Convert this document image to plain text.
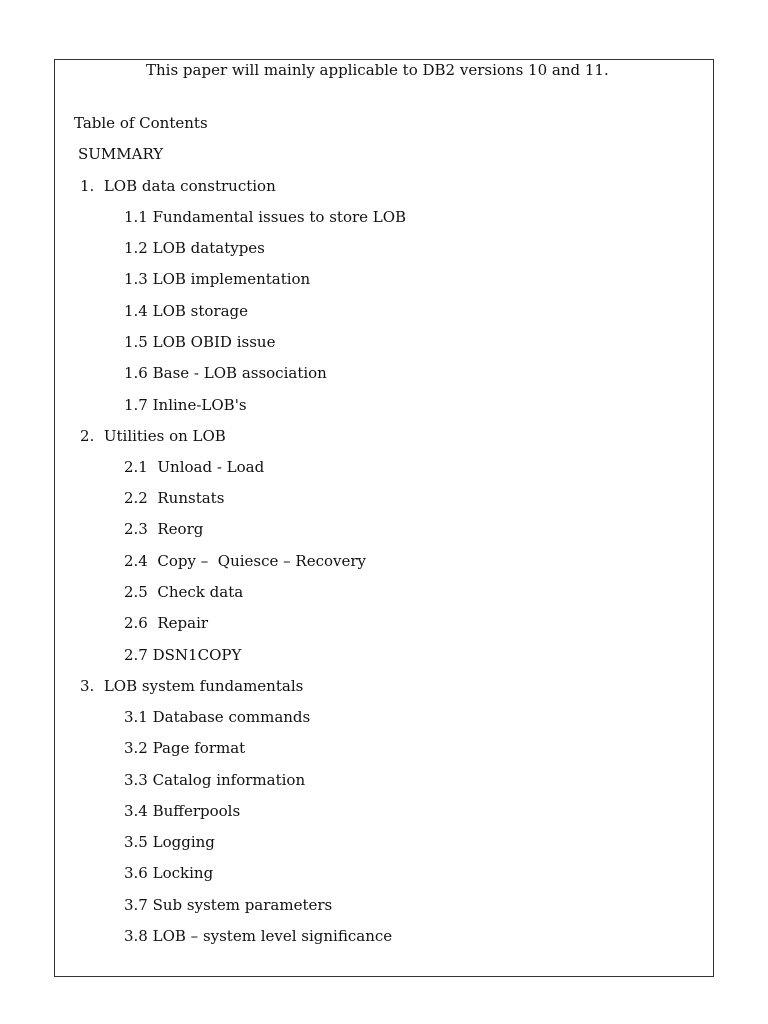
This paper will mainly applicable to DB2 versions 10 and 11.
Table of Contents
SUMMARY
1.  LOB data construction
1.1 Fundamental issues to store LOB
1.2 LOB datatypes
1.3 LOB implementation
1.4 LOB storage
1.5 LOB OBID issue
1.6 Base - LOB association
1.7 Inline-LOB's
2.  Utilities on LOB
2.1  Unload - Load
2.2  Runstats
2.3  Reorg
2.4  Copy –  Quiesce – Recovery
2.5  Check data
2.6  Repair
2.7 DSN1COPY
3.  LOB system fundamentals
3.1 Database commands
3.2 Page format
3.3 Catalog information
3.4 Bufferpools
3.5 Logging
3.6 Locking
3.7 Sub system parameters
3.8 LOB – system level significance
